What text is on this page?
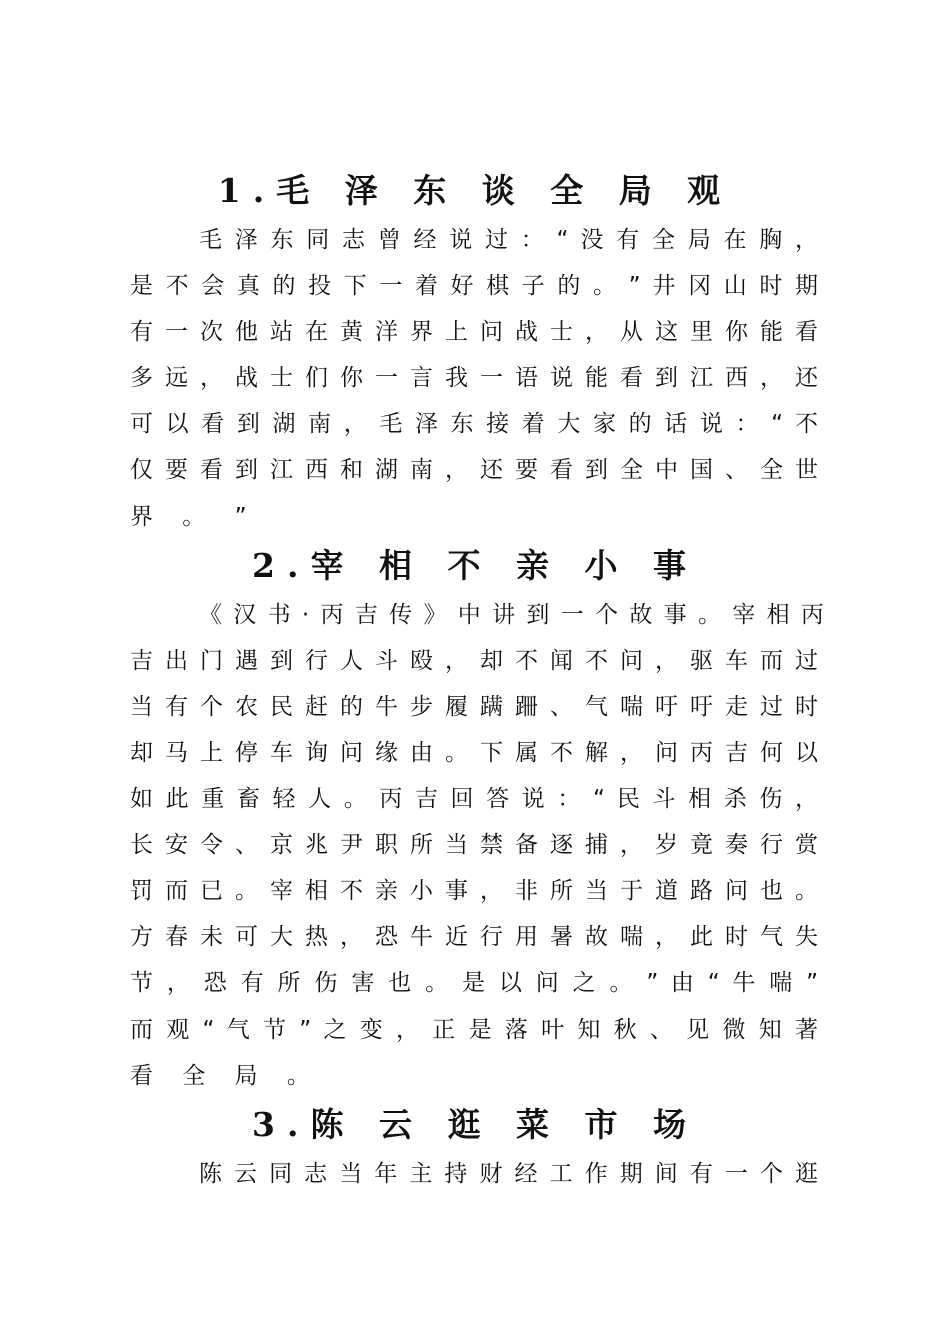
1.毛 泽 东 谈 全 局 观
毛 泽 东 同 志 曾 经 说 过 ： “ 没 有 全 局 在 胸 ，
是 不 会 真 的 投 下 一 着 好 棋 子 的 。 ” 井 冈 山 时 期
有 一 次 他 站 在 黄 洋 界 上 问 战 士 ， 从 这 里 你 能 看
多 远 ， 战 士 们 你 一 言 我 一 语 说 能 看 到 江 西 ， 还
可 以 看 到 湖 南 ， 毛 泽 东 接 着 大 家 的 话 说 ： “ 不
仅 要 看 到 江 西 和 湖 南 ， 还 要 看 到 全 中 国 、 全 世
界 。 ”
2.宰 相 不 亲 小 事
《 汉 书 · 丙 吉 传 》 中 讲 到 一 个 故 事 。 宰 相 丙
吉 出 门 遇 到 行 人 斗 殴 ， 却 不 闻 不 问 ， 驱 车 而 过
当 有 个 农 民 赶 的 牛 步 履 蹒 跚 、 气 喘 吁 吁 走 过 时
却 马 上 停 车 询 问 缘 由 。 下 属 不 解 ， 问 丙 吉 何 以
如 此 重 畜 轻 人 。 丙 吉 回 答 说 ： “ 民 斗 相 杀 伤 ，
长 安 令 、 京 兆 尹 职 所 当 禁 备 逐 捕 ， 岁 竟 奏 行 赏
罚 而 已 。 宰 相 不 亲 小 事 ， 非 所 当 于 道 路 问 也 。
方 春 未 可 大 热 ， 恐 牛 近 行 用 暑 故 喘 ， 此 时 气 失
节 ， 恐 有 所 伤 害 也 。 是 以 问 之 。 ” 由 “ 牛 喘 ”
而 观 “ 气 节 ” 之 变 ， 正 是 落 叶 知 秋 、 见 微 知 著
看 全 局 。
3.陈 云 逛 菜 市 场
陈 云 同 志 当 年 主 持 财 经 工 作 期 间 有 一 个 逛
